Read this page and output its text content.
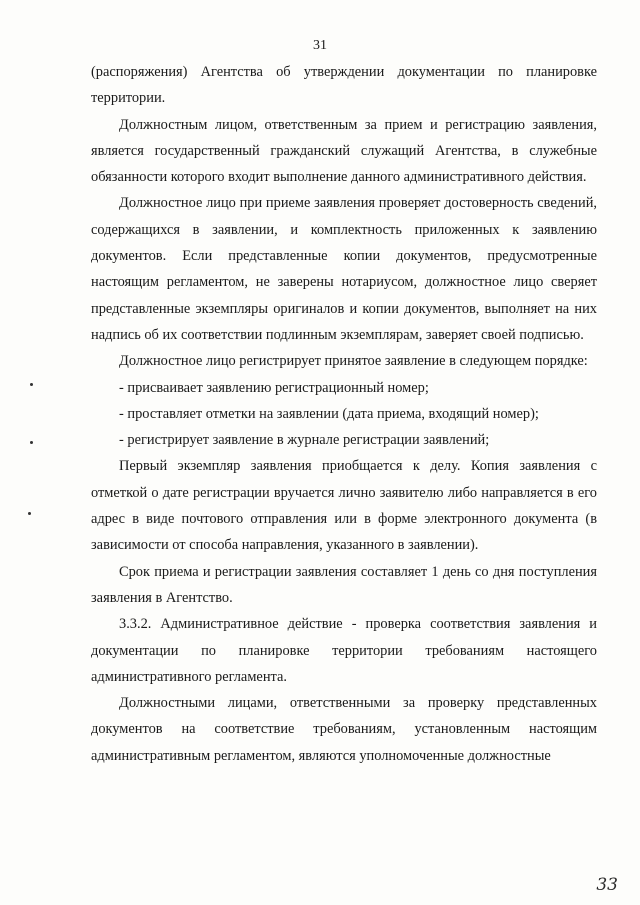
31

(распоряжения) Агентства об утверждении документации по планировке территории.

Должностным лицом, ответственным за прием и регистрацию заявления, является государственный гражданский служащий Агентства, в служебные обязанности которого входит выполнение данного административного действия.

Должностное лицо при приеме заявления проверяет достоверность сведений, содержащихся в заявлении, и комплектность приложенных к заявлению документов. Если представленные копии документов, предусмотренные настоящим регламентом, не заверены нотариусом, должностное лицо сверяет представленные экземпляры оригиналов и копии документов, выполняет на них надпись об их соответствии подлинным экземплярам, заверяет своей подписью.

Должностное лицо регистрирует принятое заявление в следующем порядке:

- присваивает заявлению регистрационный номер;

- проставляет отметки на заявлении (дата приема, входящий номер);

- регистрирует заявление в журнале регистрации заявлений;

Первый экземпляр заявления приобщается к делу. Копия заявления с отметкой о дате регистрации вручается лично заявителю либо направляется в его адрес в виде почтового отправления или в форме электронного документа (в зависимости от способа направления, указанного в заявлении).

Срок приема и регистрации заявления составляет 1 день со дня поступления заявления в Агентство.

3.3.2. Административное действие - проверка соответствия заявления и документации по планировке территории требованиям настоящего административного регламента.

Должностными лицами, ответственными за проверку представленных документов на соответствие требованиям, установленным настоящим административным регламентом, являются уполномоченные должностные

33
